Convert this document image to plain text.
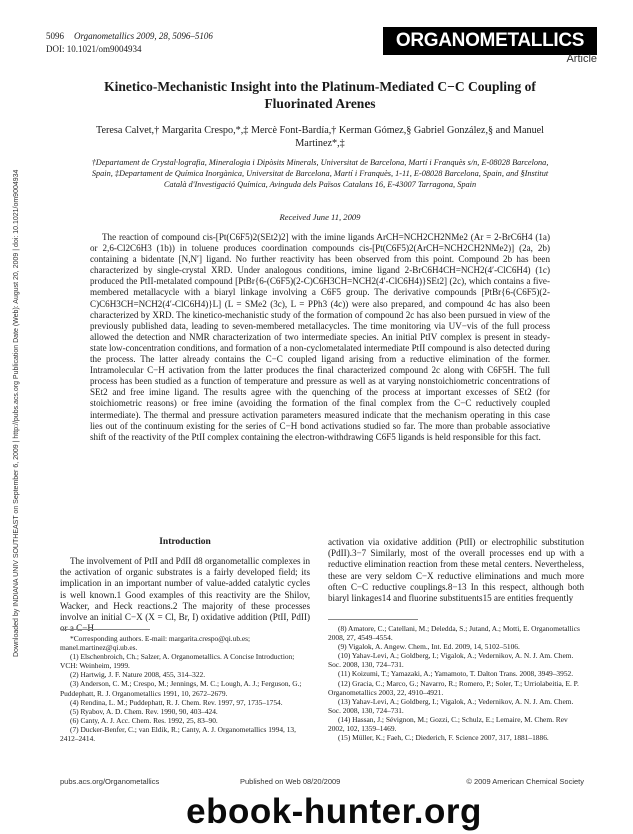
5096 Organometallics 2009, 28, 5096–5106
DOI: 10.1021/om9004934	ORGANOMETALLICS
Article
Kinetico-Mechanistic Insight into the Platinum-Mediated C−C Coupling of Fluorinated Arenes
Teresa Calvet,† Margarita Crespo,*,‡ Mercè Font-Bardía,† Kerman Gómez,§ Gabriel González,§ and Manuel Martinez*,‡
†Departament de Crystal·lografia, Mineralogia i Dipòsits Minerals, Universitat de Barcelona, Martí i Franquès s/n, E-08028 Barcelona, Spain, ‡Departament de Química Inorgànica, Universitat de Barcelona, Martí i Franquès, 1-11, E-08028 Barcelona, Spain, and §Institut Català d'Investigació Química, Avinguda dels Països Catalans 16, E-43007 Tarragona, Spain
Received June 11, 2009
The reaction of compound cis-[Pt(C6F5)2(SEt2)2] with the imine ligands ArCH=NCH2CH2NMe2 (Ar = 2-BrC6H4 (1a) or 2,6-Cl2C6H3 (1b)) in toluene produces coordination compounds cis-[Pt(C6F5)2(ArCH=NCH2CH2NMe2)] (2a, 2b) containing a bidentate [N,N′] ligand. No further reactivity has been observed from this point. Compound 2b has been characterized by single-crystal XRD. Under analogous conditions, imine ligand 2-BrC6H4CH=NCH2(4′-ClC6H4) (1c) produced the PtII-metalated compound [PtBr{6-(C6F5)(2-C)C6H3CH=NCH2(4′-ClC6H4)}SEt2] (2c), which contains a five-membered metallacycle with a biaryl linkage involving a C6F5 group. The derivative compounds [PtBr{6-(C6F5)(2-C)C6H3CH=NCH2(4′-ClC6H4)}L] (L = SMe2 (3c), L = PPh3 (4c)) were also prepared, and compound 4c has also been characterized by XRD. The kinetico-mechanistic study of the formation of compound 2c has also been pursued in view of the previously published data, leading to seven-membered metallacycles. The time monitoring via UV−vis of the full process allowed the detection and NMR characterization of two intermediate species. An initial PtIV complex is present in steady-state low-concentration conditions, and formation of a non-cyclometalated intermediate PtII compound is also detected during the process. The latter already contains the C−C coupled ligand arising from a reductive elimination of the former. Intramolecular C−H activation from the latter produces the final characterized compound 2c along with C6F5H. The full process has been studied as a function of temperature and pressure as well as at varying nonstoichiometric concentrations of SEt2 and free imine ligand. The results agree with the quenching of the process at important excesses of SEt2 (for stoichiometric reasons) or free imine (avoiding the formation of the final complex from the C−C reductively coupled intermediate). The thermal and pressure activation parameters measured indicate that the mechanism operating in this case lies out of the continuum existing for the series of C−H bond activations studied so far. The more than probable associative shift of the reactivity of the PtII complex containing the electron-withdrawing C6F5 ligands is held responsible for this fact.
Introduction
The involvement of PtII and PdII d8 organometallic complexes in the activation of organic substrates is a fairly developed field; its implication in an important number of value-added catalytic cycles is well known.1 Good examples of this reactivity are the Shilov, Wacker, and Heck reactions.2 The majority of these processes involve an initial C−X (X = Cl, Br, I) oxidative addition (PtII, PdII)
activation via oxidative addition (PtII) or electrophilic substitution (PdII).3−7 Similarly, most of the overall processes end up with a reductive elimination reaction from these metal centers. Nevertheless, these are very seldom C−X reductive eliminations and much more often C−C reductive couplings.8−13 In this respect, although both biaryl linkages14 and fluorine substituents15 are entities frequently

*Corresponding authors. E-mail: margarita.crespo@qi.ub.es; manel.martinez@qi.ub.es.

(1) Elschenbroich, Ch.; Salzer, A. Organometallics. A Concise Introduction; VCH: Weinheim, 1999.

(2) Hartwig, J. F. Nature 2008, 455, 314–322.

(3) Anderson, C. M.; Crespo, M.; Jennings, M. C.; Lough, A. J.; Ferguson, G.; Puddephatt, R. J. Organometallics 1991, 10, 2672–2679.

(4) Rendina, L. M.; Puddephatt, R. J. Chem. Rev. 1997, 97, 1735–1754.

(5) Ryabov, A. D. Chem. Rev. 1990, 90, 403–424.

(6) Canty, A. J. Acc. Chem. Res. 1992, 25, 83–90.

(7) Ducker-Benfer, C.; van Eldik, R.; Canty, A. J. Organometallics 1994, 13, 2412–2414.

(8) Amatore, C.; Catellani, M.; Deledda, S.; Jutand, A.; Motti, E. Organometallics 2008, 27, 4549–4554.

(9) Vigalok, A. Angew. Chem., Int. Ed. 2009, 14, 5102–5106.

(10) Yahav-Levi, A.; Goldberg, I.; Vigalok, A.; Vedernikov, A. N. J. Am. Chem. Soc. 2008, 130, 724–731.

(11) Koizumi, T.; Yamazaki, A.; Yamamoto, T. Dalton Trans. 2008, 3949–3952.

(12) Gracia, C.; Marco, G.; Navarro, R.; Romero, P.; Soler, T.; Urriolabeitia, E. P. Organometallics 2003, 22, 4910–4921.

(13) Yahav-Levi, A.; Goldberg, I.; Vigalok, A.; Vedernikov, A. N. J. Am. Chem. Soc. 2008, 130, 724–731.

(14) Hassan, J.; Sévignon, M.; Gozzi, C.; Schulz, E.; Lemaire, M. Chem. Rev 2002, 102, 1359–1469.

(15) Müller, K.; Faeh, C.; Diederich, F. Science 2007, 317, 1881–1886.

pubs.acs.org/Organometallics	Published on Web 08/20/2009	© 2009 American Chemical Society
Downloaded by INDIANA UNIV SOUTHEAST on September 6, 2009 | http://pubs.acs.org Publication Date (Web): August 20, 2009 | doi: 10.1021/om9004934
ebook-hunter.org
